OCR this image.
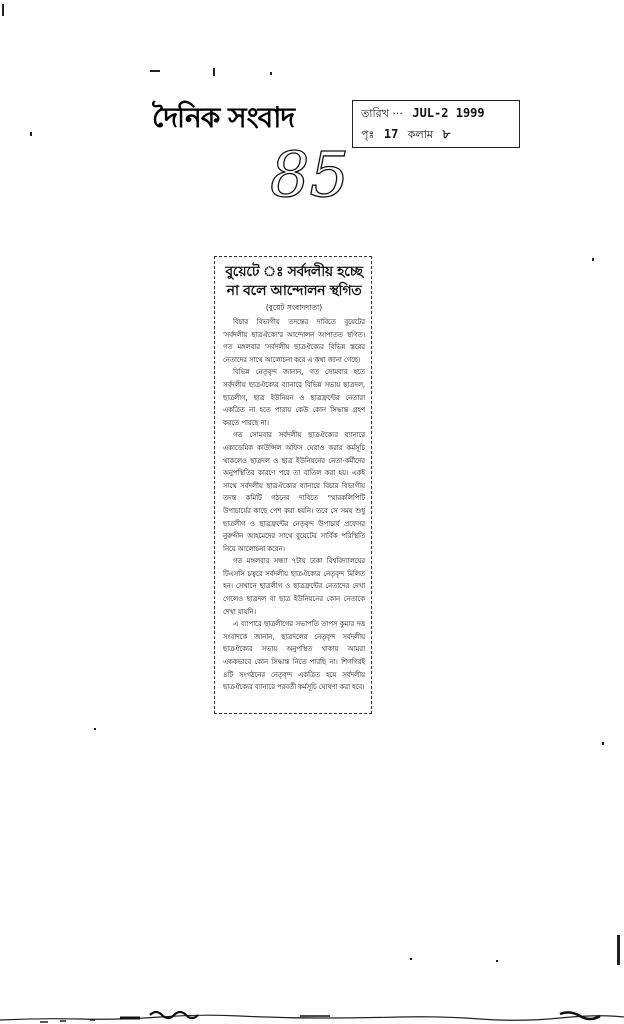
দৈনিক সংবাদ	তারিখ ··· JUL-2 1999
পৃঃ 17 কলাম ৮
85
বুয়েটে ঃ সর্বদলীয় হচ্ছে না বলে আন্দোলন স্থগিত
(বুয়েট সংবাদদাতা)

বিচার বিভাগীয় তদন্তের দাবিতে বুয়েটের 'সর্বদলীয় ছাত্রঐক্যে'র আন্দোলন আপাতত স্থগিত। গত মঙ্গলবার 'সর্বদলীয় ছাত্রঐক্যের বিভিন্ন স্তরের নেতাদের সাথে আলোচনা করে এ কথা জানা গেছে।

বিভিন্ন নেতৃবৃন্দ জানান, গত সোমবার হতে সর্বদলীয় ছাত্রঐক্যের ব্যানারে বিভিন্ন সভায় ছাত্রদল, ছাত্রলীগ, ছাত্র ইউনিয়ন ও ছাত্রফ্রন্টের নেতারা একত্রিত না হতে পারায় কেউ কোন সিদ্ধান্ত গ্রহণ করতে পারছে না।

গত সোমবার সর্বদলীয় ছাত্রঐক্যের ব্যানারে একাডেমিক কাউন্সিল অফিস ঘেরাও করার কর্মসূচি থাকলেও ছাত্রদল ও ছাত্র ইউনিয়নের নেতা-কর্মীদের অনুপস্থিতির কারণে পরে তা বাতিল করা হয়। একই সাথে সর্বদলীয় ছাত্রঐক্যের ব্যানারে বিচার বিভাগীয় তদন্ত কমিটি গঠনের দাবিতে 'স্মারকলিপিটি উপাচার্যের কাছে পেশ করা হয়নি। তবে সে সময় শুধু ছাত্রলীগ ও ছাত্রফ্রন্টের নেতৃবৃন্দ উপাচার্য প্রফেসর নুরুদ্দীন আহমেদের সাথে বুয়েটের সার্বিক পরিস্থিতি নিয়ে আলোচনা করেন।

গত মঙ্গলবার সন্ধ্যা ৭টায় ঢাকা বিশ্ববিদ্যালয়ের টিএসসি চত্বরে সর্বদলীয় ছাত্রঐক্যের নেতৃবৃন্দ মিলিত হন। সেখানে ছাত্রলীগ ও ছাত্রফ্রন্টের নেতাদের দেখা গেলেও ছাত্রদল বা ছাত্র ইউনিয়নের কোন নেতাকে দেখা যায়নি।

এ ব্যাপারে ছাত্রলীগের সভাপতি তাপস কুমার দত্ত সংবাদকে জানান, ছাত্রদলের নেতৃবৃন্দ সর্বদলীয় ছাত্রঐক্যের সভায় অনুপস্থিত থাকায় আমরা এককভাবে কোন সিদ্ধান্ত নিতে পারছি না। শিগগিরই ৪টি সংগঠনের নেতৃবৃন্দ একত্রিত হয়ে সর্বদলীয় ছাত্রঐক্যের ব্যানারে পরবর্তী কর্মসূচি ঘোষণা করা হবে।
